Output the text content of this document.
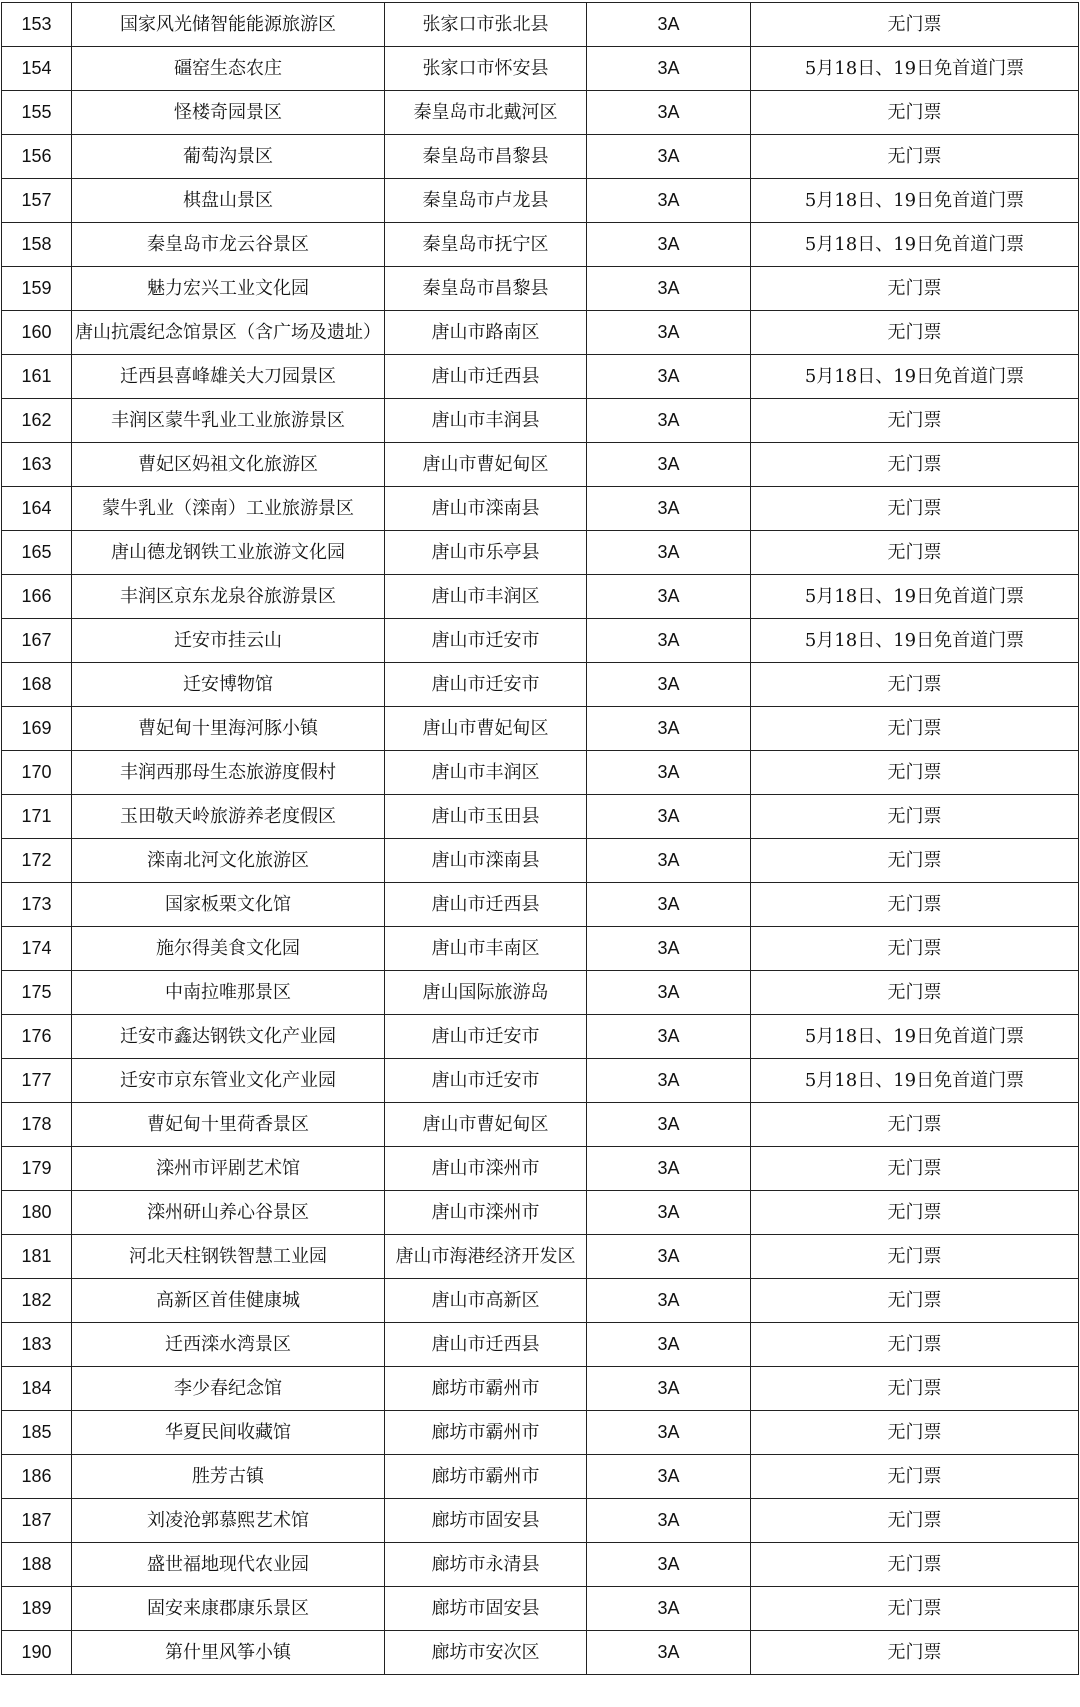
153	国家风光储智能能源旅游区	张家口市张北县	3A	无门票
154	礓窑生态农庄	张家口市怀安县	3A	5月18日、19日免首道门票
155	怪楼奇园景区	秦皇岛市北戴河区	3A	无门票
156	葡萄沟景区	秦皇岛市昌黎县	3A	无门票
157	棋盘山景区	秦皇岛市卢龙县	3A	5月18日、19日免首道门票
158	秦皇岛市龙云谷景区	秦皇岛市抚宁区	3A	5月18日、19日免首道门票
159	魅力宏兴工业文化园	秦皇岛市昌黎县	3A	无门票
160	唐山抗震纪念馆景区（含广场及遗址）	唐山市路南区	3A	无门票
161	迁西县喜峰雄关大刀园景区	唐山市迁西县	3A	5月18日、19日免首道门票
162	丰润区蒙牛乳业工业旅游景区	唐山市丰润县	3A	无门票
163	曹妃区妈祖文化旅游区	唐山市曹妃甸区	3A	无门票
164	蒙牛乳业（滦南）工业旅游景区	唐山市滦南县	3A	无门票
165	唐山德龙钢铁工业旅游文化园	唐山市乐亭县	3A	无门票
166	丰润区京东龙泉谷旅游景区	唐山市丰润区	3A	5月18日、19日免首道门票
167	迁安市挂云山	唐山市迁安市	3A	5月18日、19日免首道门票
168	迁安博物馆	唐山市迁安市	3A	无门票
169	曹妃甸十里海河豚小镇	唐山市曹妃甸区	3A	无门票
170	丰润西那母生态旅游度假村	唐山市丰润区	3A	无门票
171	玉田敬天岭旅游养老度假区	唐山市玉田县	3A	无门票
172	滦南北河文化旅游区	唐山市滦南县	3A	无门票
173	国家板栗文化馆	唐山市迁西县	3A	无门票
174	施尔得美食文化园	唐山市丰南区	3A	无门票
175	中南拉唯那景区	唐山国际旅游岛	3A	无门票
176	迁安市鑫达钢铁文化产业园	唐山市迁安市	3A	5月18日、19日免首道门票
177	迁安市京东管业文化产业园	唐山市迁安市	3A	5月18日、19日免首道门票
178	曹妃甸十里荷香景区	唐山市曹妃甸区	3A	无门票
179	滦州市评剧艺术馆	唐山市滦州市	3A	无门票
180	滦州研山养心谷景区	唐山市滦州市	3A	无门票
181	河北天柱钢铁智慧工业园	唐山市海港经济开发区	3A	无门票
182	高新区首佳健康城	唐山市高新区	3A	无门票
183	迁西滦水湾景区	唐山市迁西县	3A	无门票
184	李少春纪念馆	廊坊市霸州市	3A	无门票
185	华夏民间收藏馆	廊坊市霸州市	3A	无门票
186	胜芳古镇	廊坊市霸州市	3A	无门票
187	刘凌沧郭慕熙艺术馆	廊坊市固安县	3A	无门票
188	盛世福地现代农业园	廊坊市永清县	3A	无门票
189	固安来康郡康乐景区	廊坊市固安县	3A	无门票
190	第什里风筝小镇	廊坊市安次区	3A	无门票
